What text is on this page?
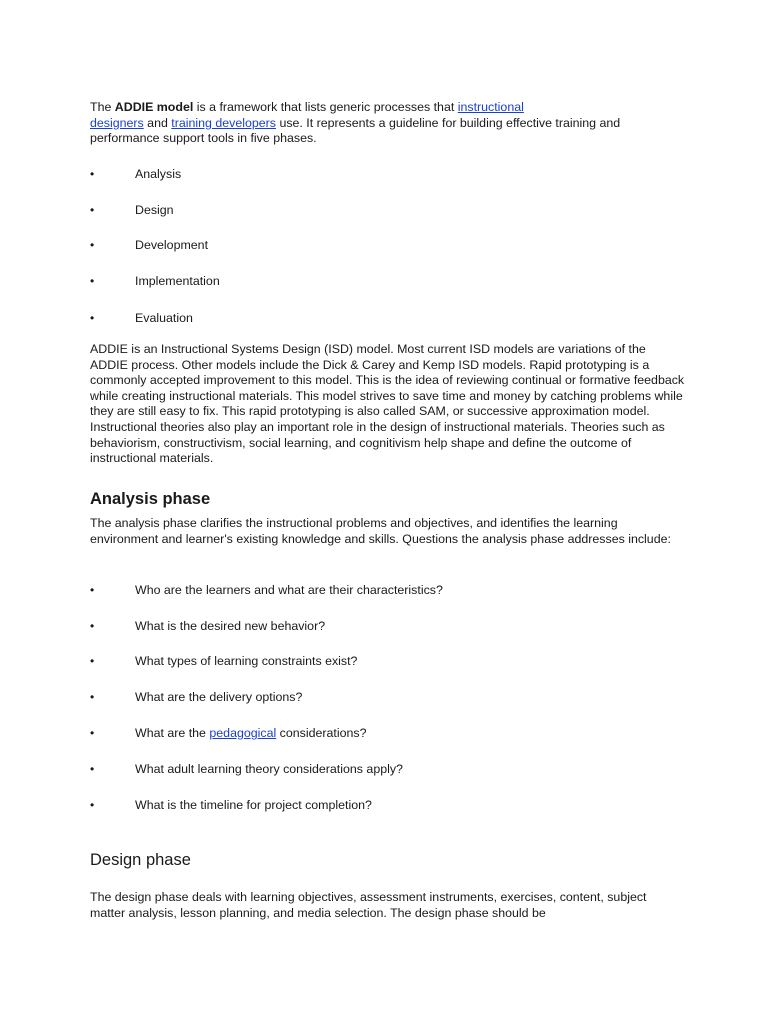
The ADDIE model is a framework that lists generic processes that instructional
designers and training developers use. It represents a guideline for building effective training and performance support tools in five phases.

•	Analysis
•	Design
•	Development
•	Implementation
•	Evaluation
ADDIE is an Instructional Systems Design (ISD) model. Most current ISD models are variations of the ADDIE process. Other models include the Dick & Carey and Kemp ISD models. Rapid prototyping is a commonly accepted improvement to this model. This is the idea of reviewing continual or formative feedback while creating instructional materials. This model strives to save time and money by catching problems while they are still easy to fix. This rapid prototyping is also called SAM, or successive approximation model.
Instructional theories also play an important role in the design of instructional materials. Theories such as behaviorism, constructivism, social learning, and cognitivism help shape and define the outcome of instructional materials.
Analysis phase

The analysis phase clarifies the instructional problems and objectives, and identifies the learning environment and learner's existing knowledge and skills. Questions the analysis phase addresses include:

•	Who are the learners and what are their characteristics?
•	What is the desired new behavior?
•	What types of learning constraints exist?
•	What are the delivery options?
•	What are the pedagogical considerations?
•	What adult learning theory considerations apply?
•	What is the timeline for project completion?
Design phase

The design phase deals with learning objectives, assessment instruments, exercises, content, subject matter analysis, lesson planning, and media selection. The design phase should be
